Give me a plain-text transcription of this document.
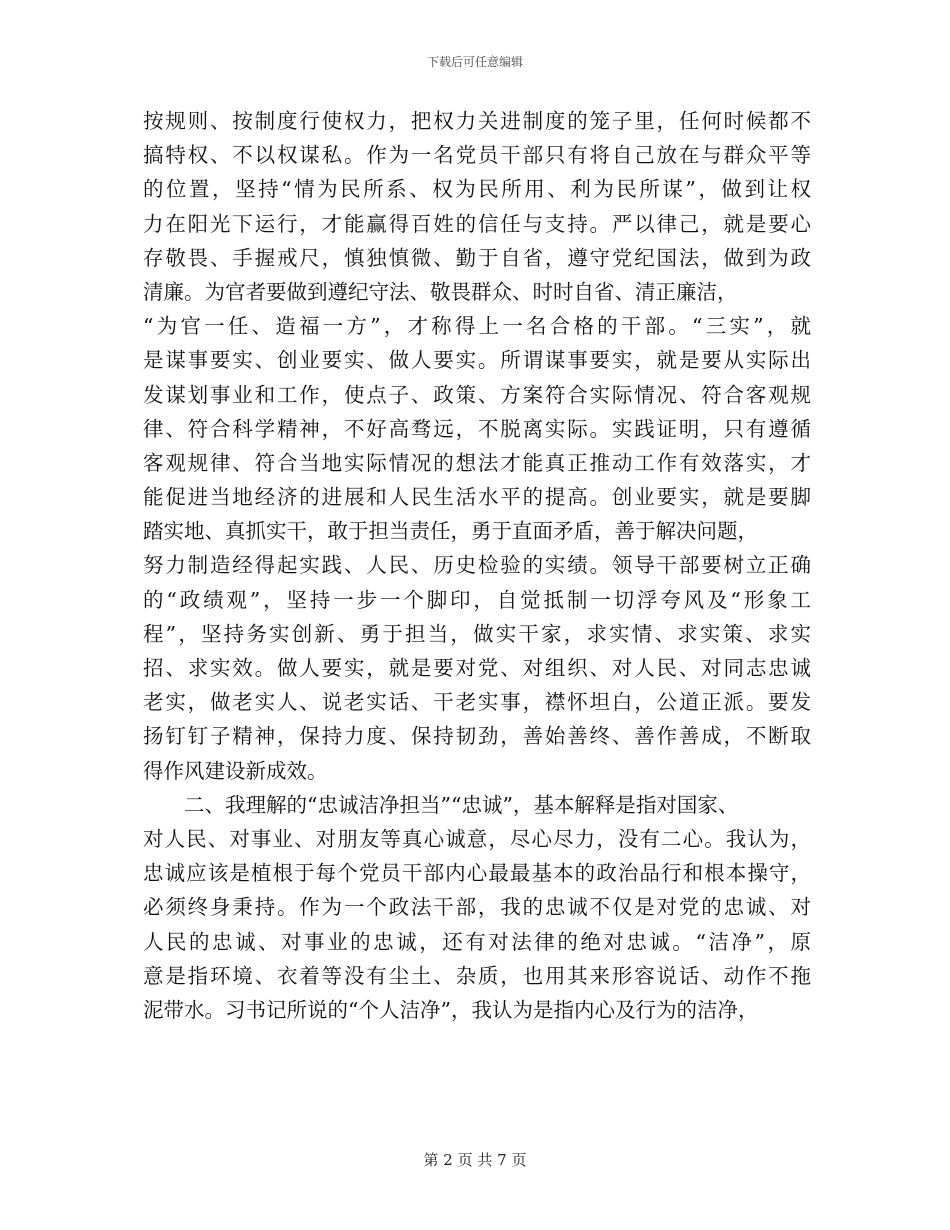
下载后可任意编辑
按规则、按制度行使权力，把权力关进制度的笼子里，任何时候都不
搞特权、不以权谋私。作为一名党员干部只有将自己放在与群众平等
的位置，坚持“情为民所系、权为民所用、利为民所谋”，做到让权
力在阳光下运行，才能赢得百姓的信任与支持。严以律己，就是要心
存敬畏、手握戒尺，慎独慎微、勤于自省，遵守党纪国法，做到为政
清廉。为官者要做到遵纪守法、敬畏群众、时时自省、清正廉洁，
“为官一任、造福一方”，才称得上一名合格的干部。“三实”，就
是谋事要实、创业要实、做人要实。所谓谋事要实，就是要从实际出
发谋划事业和工作，使点子、政策、方案符合实际情况、符合客观规
律、符合科学精神，不好高骛远，不脱离实际。实践证明，只有遵循
客观规律、符合当地实际情况的想法才能真正推动工作有效落实，才
能促进当地经济的进展和人民生活水平的提高。创业要实，就是要脚
踏实地、真抓实干，敢于担当责任，勇于直面矛盾，善于解决问题，
努力制造经得起实践、人民、历史检验的实绩。领导干部要树立正确
的“政绩观”，坚持一步一个脚印，自觉抵制一切浮夸风及“形象工
程”，坚持务实创新、勇于担当，做实干家，求实情、求实策、求实
招、求实效。做人要实，就是要对党、对组织、对人民、对同志忠诚
老实，做老实人、说老实话、干老实事，襟怀坦白，公道正派。要发
扬钉钉子精神，保持力度、保持韧劲，善始善终、善作善成，不断取
得作风建设新成效。
二、我理解的“忠诚洁净担当”“忠诚”，基本解释是指对国家、
对人民、对事业、对朋友等真心诚意，尽心尽力，没有二心。我认为，
忠诚应该是植根于每个党员干部内心最最基本的政治品行和根本操守，
必须终身秉持。作为一个政法干部，我的忠诚不仅是对党的忠诚、对
人民的忠诚、对事业的忠诚，还有对法律的绝对忠诚。“洁净”，原
意是指环境、衣着等没有尘土、杂质，也用其来形容说话、动作不拖
泥带水。习书记所说的“个人洁净”，我认为是指内心及行为的洁净，
第 2 页 共 7 页
